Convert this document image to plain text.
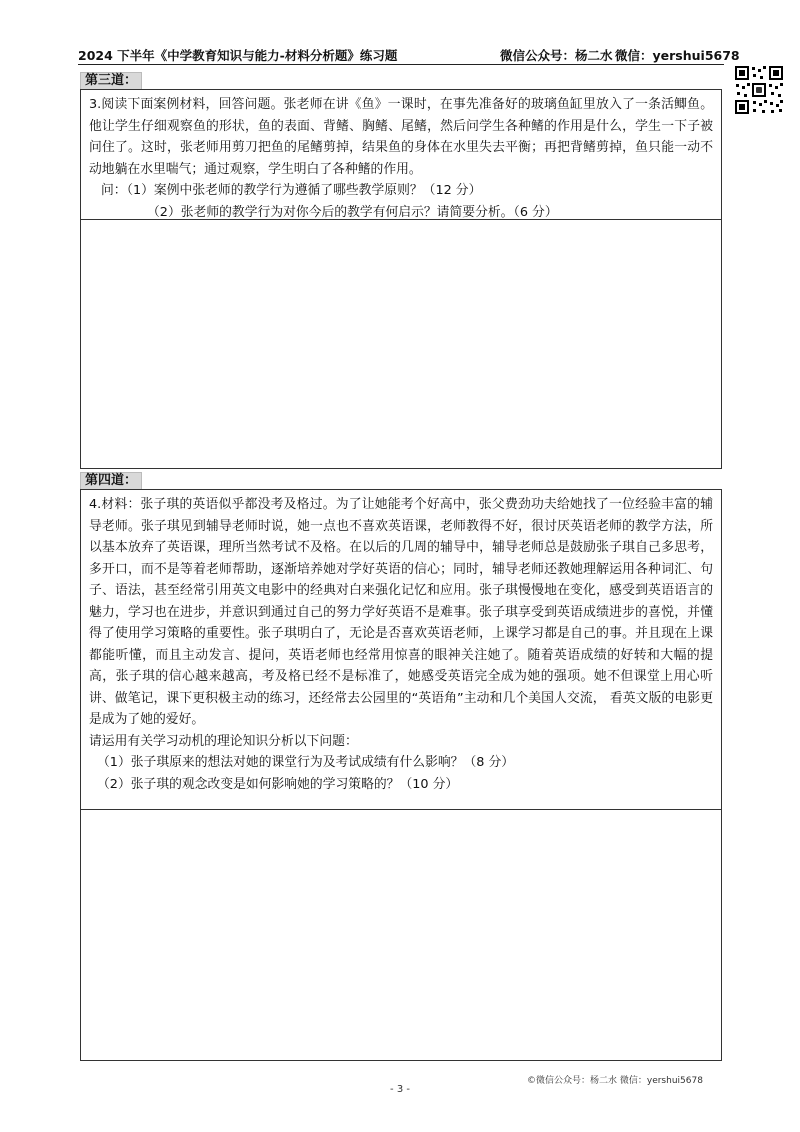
2024 下半年《中学教育知识与能力-材料分析题》练习题	微信公众号：杨二水 微信：yershui5678
第三道：

3.阅读下面案例材料，回答问题。张老师在讲《鱼》一课时，在事先准备好的玻璃鱼缸里放入了一条活鲫鱼。他让学生仔细观察鱼的形状，鱼的表面、背鳍、胸鳍、尾鳍，然后问学生各种鳍的作用是什么，学生一下子被问住了。这时，张老师用剪刀把鱼的尾鳍剪掉，结果鱼的身体在水里失去平衡；再把背鳍剪掉，鱼只能一动不动地躺在水里喘气；通过观察，学生明白了各种鳍的作用。

问：（1）案例中张老师的教学行为遵循了哪些教学原则？（12 分）

（2）张老师的教学行为对你今后的教学有何启示？请简要分析。（6 分）

第四道：

4.材料：张子琪的英语似乎都没考及格过。为了让她能考个好高中，张父费劲功夫给她找了一位经验丰富的辅导老师。张子琪见到辅导老师时说，她一点也不喜欢英语课，老师教得不好，很讨厌英语老师的教学方法，所以基本放弃了英语课，理所当然考试不及格。在以后的几周的辅导中，辅导老师总是鼓励张子琪自己多思考，多开口，而不是等着老师帮助，逐渐培养她对学好英语的信心；同时，辅导老师还教她理解运用各种词汇、句子、语法，甚至经常引用英文电影中的经典对白来强化记忆和应用。张子琪慢慢地在变化，感受到英语语言的魅力，学习也在进步，并意识到通过自己的努力学好英语不是难事。张子琪享受到英语成绩进步的喜悦，并懂得了使用学习策略的重要性。张子琪明白了，无论是否喜欢英语老师，上课学习都是自己的事。并且现在上课都能听懂，而且主动发言、提问，英语老师也经常用惊喜的眼神关注她了。随着英语成绩的好转和大幅的提高，张子琪的信心越来越高，考及格已经不是标准了，她感受英语完全成为她的强项。她不但课堂上用心听讲、做笔记，课下更积极主动的练习，还经常去公园里的“英语角”主动和几个美国人交流， 看英文版的电影更是成为了她的爱好。

请运用有关学习动机的理论知识分析以下问题：

（1）张子琪原来的想法对她的课堂行为及考试成绩有什么影响？（8 分）

（2）张子琪的观念改变是如何影响她的学习策略的？（10 分）

©微信公众号：杨二水 微信：yershui5678
- 3 -
